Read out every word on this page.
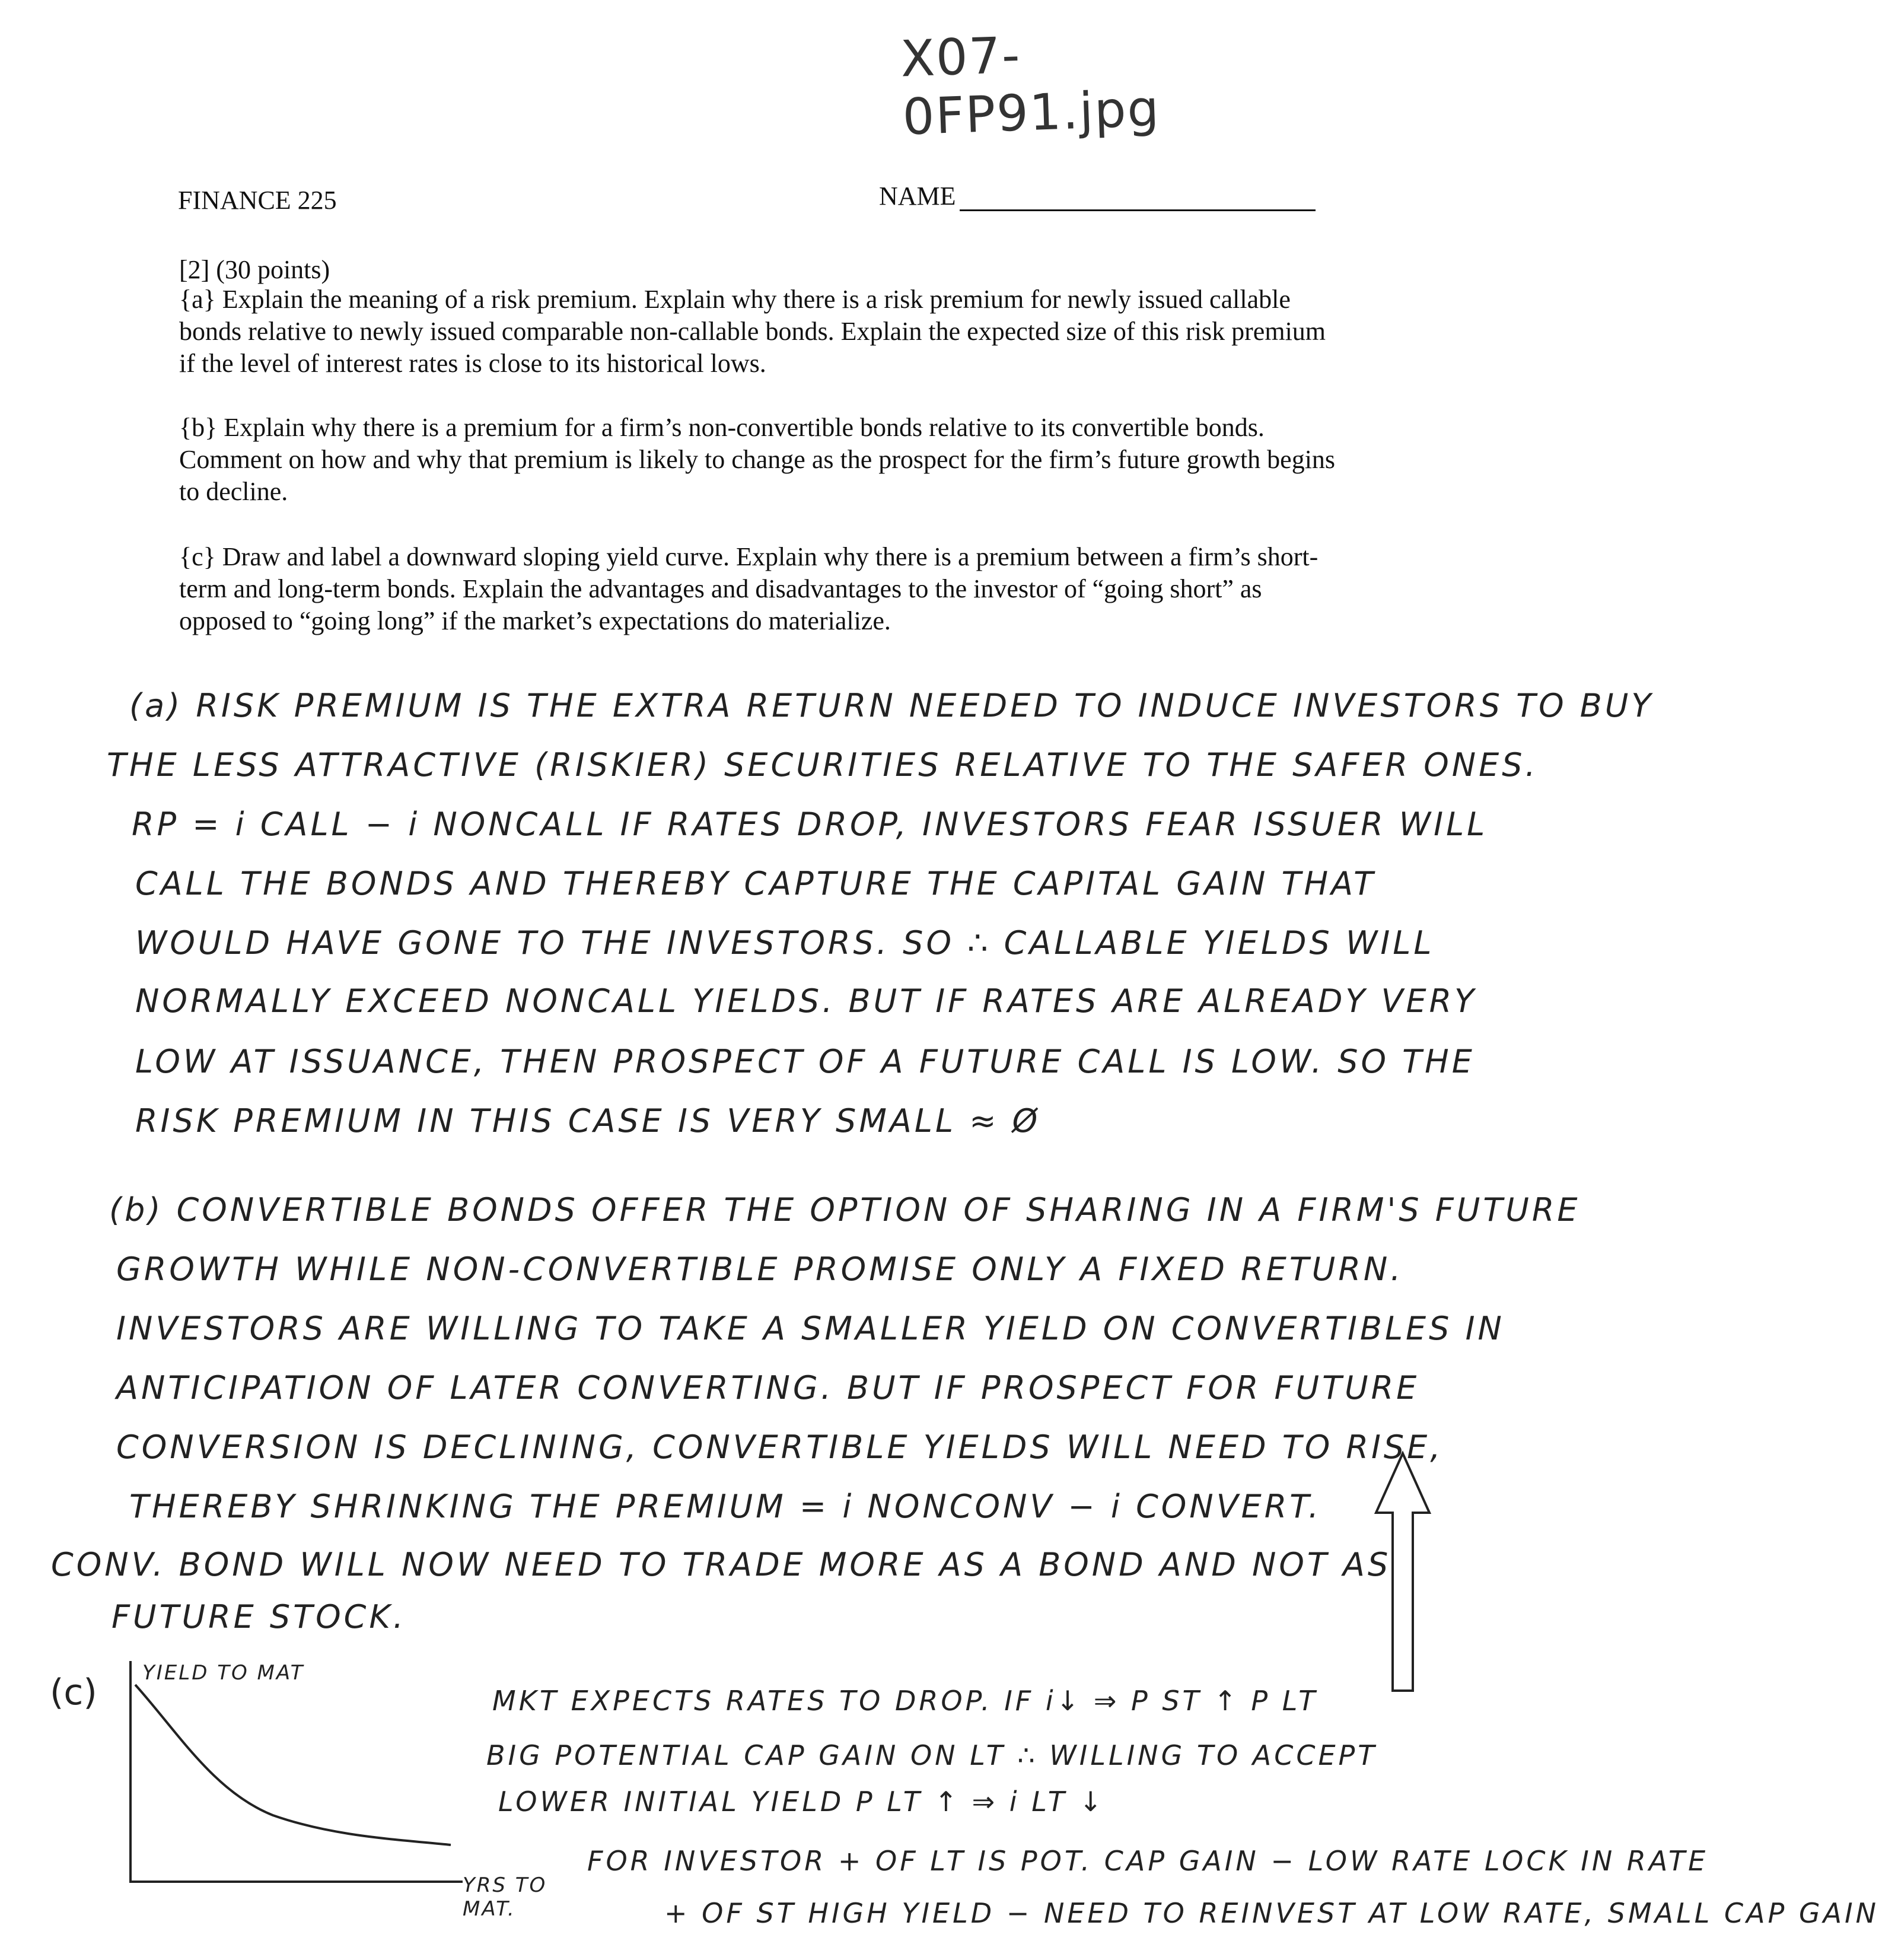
X07-0FP91.jpg
FINANCE 225	NAME
[2] (30 points)
{a} Explain the meaning of a risk premium. Explain why there is a risk premium for newly issued callable bonds relative to newly issued comparable non-callable bonds. Explain the expected size of this risk premium if the level of interest rates is close to its historical lows.
{b} Explain why there is a premium for a firm’s non-convertible bonds relative to its convertible bonds. Comment on how and why that premium is likely to change as the prospect for the firm’s future growth begins to decline.
{c} Draw and label a downward sloping yield curve. Explain why there is a premium between a firm’s short-term and long-term bonds. Explain the advantages and disadvantages to the investor of “going short” as opposed to “going long” if the market’s expectations do materialize.
(a) RISK PREMIUM IS THE EXTRA RETURN NEEDED TO INDUCE INVESTORS TO BUY
THE LESS ATTRACTIVE (RISKIER) SECURITIES RELATIVE TO THE SAFER ONES.
RP = i CALL − i NONCALL IF RATES DROP, INVESTORS FEAR ISSUER WILL
CALL THE BONDS AND THEREBY CAPTURE THE CAPITAL GAIN THAT
WOULD HAVE GONE TO THE INVESTORS. SO ∴ CALLABLE YIELDS WILL
NORMALLY EXCEED NONCALL YIELDS. BUT IF RATES ARE ALREADY VERY
LOW AT ISSUANCE, THEN PROSPECT OF A FUTURE CALL IS LOW. SO THE
RISK PREMIUM IN THIS CASE IS VERY SMALL ≈ Ø
(b) CONVERTIBLE BONDS OFFER THE OPTION OF SHARING IN A FIRM'S FUTURE
GROWTH WHILE NON-CONVERTIBLE PROMISE ONLY A FIXED RETURN.
INVESTORS ARE WILLING TO TAKE A SMALLER YIELD ON CONVERTIBLES IN
ANTICIPATION OF LATER CONVERTING. BUT IF PROSPECT FOR FUTURE
CONVERSION IS DECLINING, CONVERTIBLE YIELDS WILL NEED TO RISE,
THEREBY SHRINKING THE PREMIUM = i NONCONV − i CONVERT.
CONV. BOND WILL NOW NEED TO TRADE MORE AS A BOND AND NOT AS
FUTURE STOCK.
(c) YIELD TO MAT
YRS TO MAT.
MKT EXPECTS RATES TO DROP. IF i↓ ⇒ P ST ↑ P LT
BIG POTENTIAL CAP GAIN ON LT ∴ WILLING TO ACCEPT
LOWER INITIAL YIELD P LT ↑ ⇒ i LT ↓
FOR INVESTOR + OF LT IS POT. CAP GAIN − LOW RATE LOCK IN RATE
+ OF ST HIGH YIELD − NEED TO REINVEST AT LOW RATE, SMALL CAP GAIN
